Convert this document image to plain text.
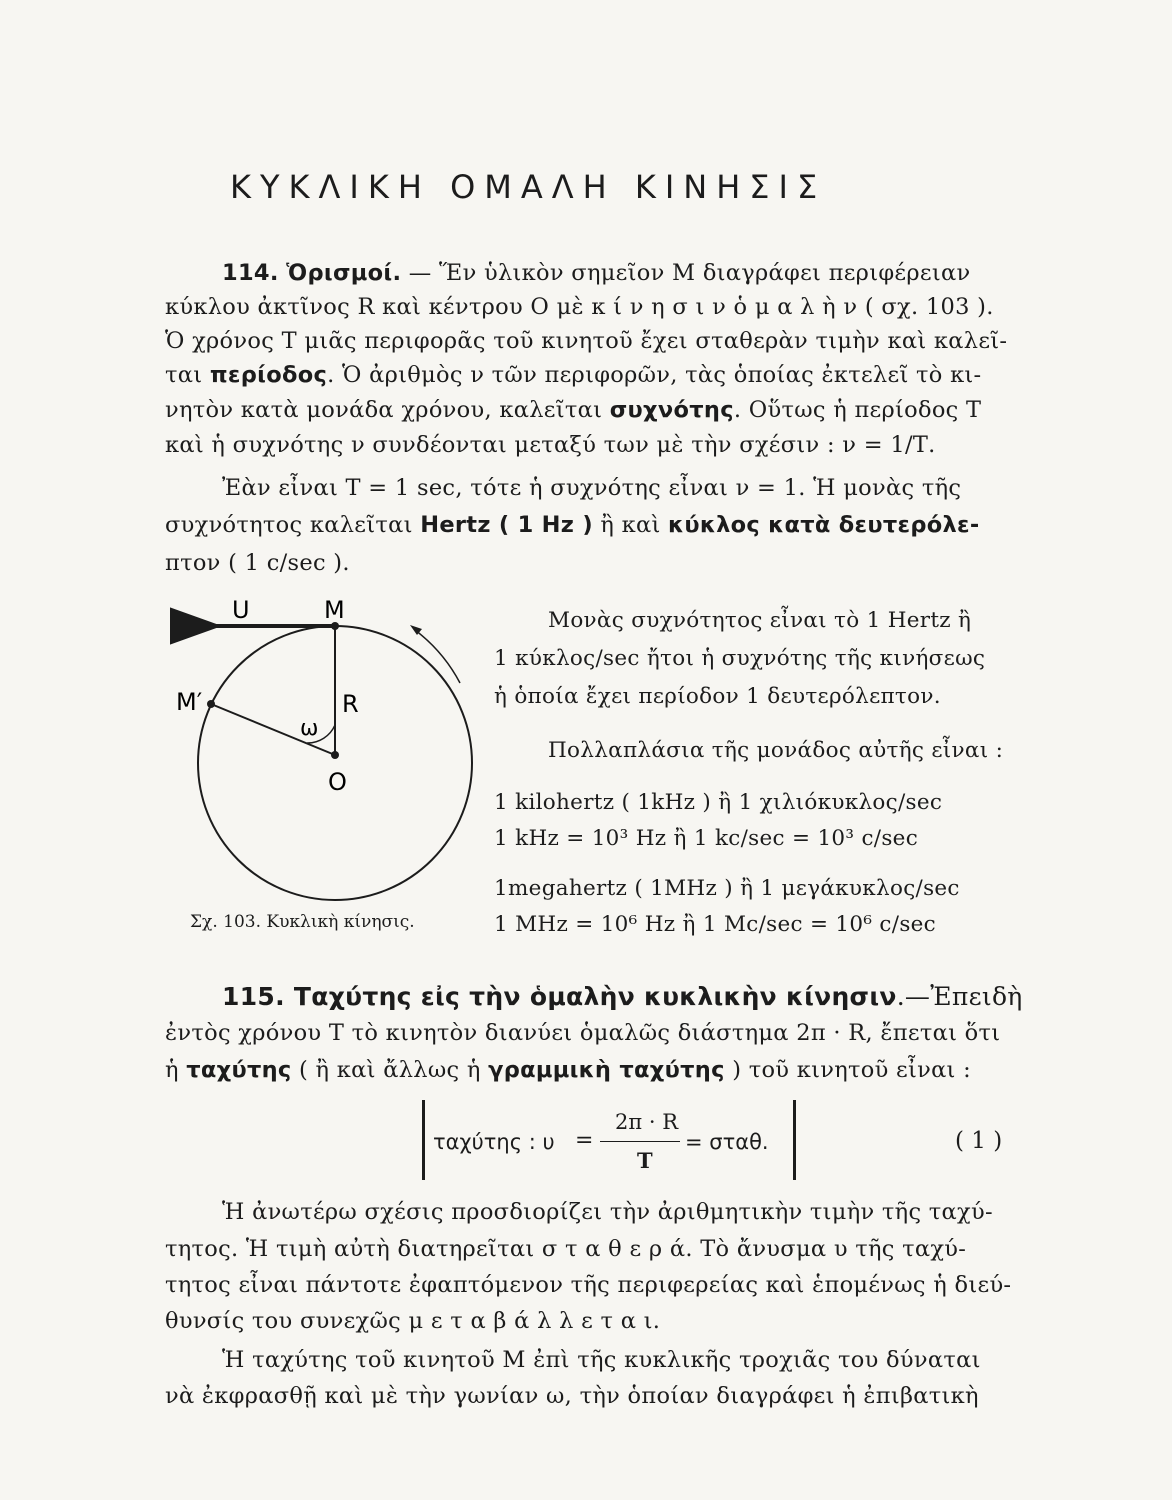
ΚΥΚΛΙΚΗ ΟΜΑΛΗ ΚΙΝΗΣΙΣ
114. Ὁρισμοί. — Ἕν ὑλικὸν σημεῖον Μ διαγράφει περιφέρειαν
κύκλου ἀκτῖνος R καὶ κέντρου Ο μὲ κ ί ν η σ ι ν ὁ μ α λ ὴ ν ( σχ. 103 ).
Ὁ χρόνος Τ μιᾶς περιφορᾶς τοῦ κινητοῦ ἔχει σταθερὰν τιμὴν καὶ καλεῖ-
ται περίοδος. Ὁ ἀριθμὸς ν τῶν περιφορῶν, τὰς ὁποίας ἐκτελεῖ τὸ κι-
νητὸν κατὰ μονάδα χρόνου, καλεῖται συχνότης. Οὕτως ἡ περίοδος Τ
καὶ ἡ συχνότης ν συνδέονται μεταξύ των μὲ τὴν σχέσιν : ν = 1/Τ.
Ἐὰν εἶναι Τ = 1 sec, τότε ἡ συχνότης εἶναι ν = 1. Ἡ μονὰς τῆς
συχνότητος καλεῖται Hertz ( 1 Hz ) ἢ καὶ κύκλος κατὰ δευτερόλε-
πτον ( 1 c/sec ).
U	M
M′	R
ω
O
Σχ. 103. Κυκλικὴ κίνησις.
Μονὰς συχνότητος εἶναι τὸ 1 Hertz ἢ
1 κύκλος/sec ἤτοι ἡ συχνότης τῆς κινήσεως
ἡ ὁποία ἔχει περίοδον 1 δευτερόλεπτον.
Πολλαπλάσια τῆς μονάδος αὐτῆς εἶναι :
1 kilohertz ( 1kHz ) ἢ 1 χιλιόκυκλος/sec
1 kHz = 10³ Hz ἢ 1 kc/sec = 10³ c/sec
1megahertz ( 1MHz ) ἢ 1 μεγάκυκλος/sec
1 MHz = 10⁶ Hz ἢ 1 Mc/sec = 10⁶ c/sec
115. Ταχύτης εἰς τὴν ὁμαλὴν κυκλικὴν κίνησιν.—Ἐπειδὴ
ἐντὸς χρόνου Τ τὸ κινητὸν διανύει ὁμαλῶς διάστημα 2π · R, ἔπεται ὅτι
ἡ ταχύτης ( ἢ καὶ ἄλλως ἡ γραμμικὴ ταχύτης ) τοῦ κινητοῦ εἶναι :
ταχύτης : υ =
2π · R
T
= σταθ.	( 1 )
Ἡ ἀνωτέρω σχέσις προσδιορίζει τὴν ἀριθμητικὴν τιμὴν τῆς ταχύ-
τητος. Ἡ τιμὴ αὐτὴ διατηρεῖται σ τ α θ ε ρ ά. Τὸ ἄνυσμα υ τῆς ταχύ-
τητος εἶναι πάντοτε ἐφαπτόμενον τῆς περιφερείας καὶ ἑπομένως ἡ διεύ-
θυνσίς του συνεχῶς μ ε τ α β ά λ λ ε τ α ι.
Ἡ ταχύτης τοῦ κινητοῦ Μ ἐπὶ τῆς κυκλικῆς τροχιᾶς του δύναται
νὰ ἐκφρασθῇ καὶ μὲ τὴν γωνίαν ω, τὴν ὁποίαν διαγράφει ἡ ἐπιβατικὴ
